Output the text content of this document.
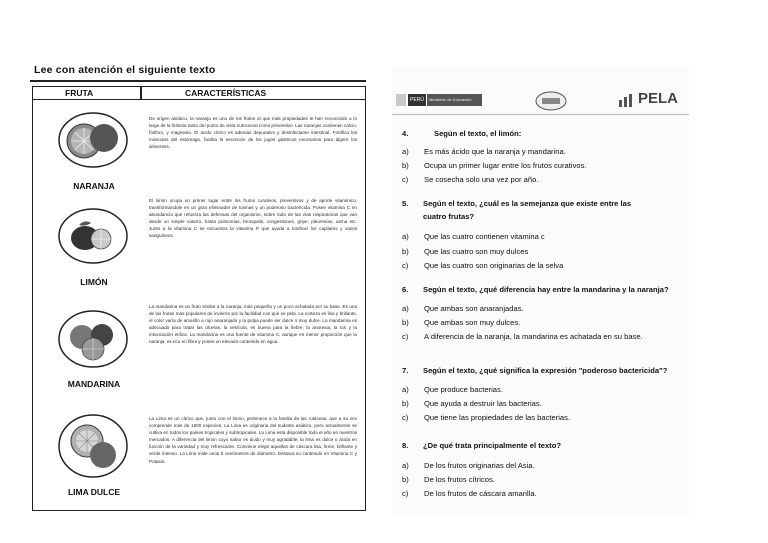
Lee con atención el siguiente texto
FRUTA	CARACTERÍSTICAS
NARANJA
De origen asiático, la naranja es uno de los frutos al que más propiedades le han reconocido a lo largo de la historia tanto del punto de vista nutricional como preventivo. Las naranjas contienen calcio, fósforo, y magnesio. El ácido cítrico es además depurativo y desinfectante intestinal. Fortifica los músculos del estómago, facilita la secreción de los jugos gástricos necesarios para digerir los alimentos.
LIMÓN
El limón ocupa un primer lugar entre los frutos curativos, preventivos y de aporte vitamínico, transformándole en un gran eliminador de toxinas y un poderoso bactericida. Posee vitamina C en abundancia que refuerza las defensas del organismo, sobre todo de las vías respiratorias que van desde un simple catarro, hasta pulmonías, bronquitis, congestiones, gripe, pleuresías, asma etc. Junto a la vitamina C se encuentra la vitamina P que ayuda a tonificar los capilares y vasos sanguíneos.
MANDARINA
La mandarina es un fruto similar a la naranja, más pequeña y un poco achatada por su base. Es una de las frutas más populares de invierno por la facilidad con que se pela. La corteza es lisa y brillante, el color varía de amarillo a rojo anaranjado y la pulpa puede ser dulce o muy dulce. La mandarina es adecuada para tratar las úlceras, la vesícula, es buena para la fiebre, la anorexia, la tos y la intoxicación etílica. La mandarina es una fuente de vitamina C, aunque en menor proporción que la naranja, es rica en fibra y posee un elevado contenido en agua.
LIMA DULCE
La Lima es un cítrico que, junto con el limón, pertenece a la familia de las rutáceas, que a su vez comprende más de 1600 especies. La Lima es originaria del sudeste asiático, pero actualmente se cultiva en todos los países tropicales y subtropicales. La Lima está disponible todo el año en nuestros mercados. A diferencia del limón cuyo sabor es ácido y muy agradable, la lima es dulce o ácida en función de la variedad y muy refrescante. Conviene elegir aquellas de cáscara lisa, firme, brillante y verde intenso. La Lima mide unos 5 centímetros de diámetro. Destaca su contenido en Vitamina C y Potasio.
PERÚ	Ministerio de Educación	PELA
4.	Según el texto, el limón:
a) Es más ácido que la naranja y mandarina.
b) Ocupa un primer lugar entre los frutos curativos.
c) Se cosecha solo una vez por año.
5.	Según el texto, ¿cuál es la semejanza que existe entre las cuatro frutas?
a) Que las cuatro contienen vitamina c
b) Que las cuatro son muy dulces
c) Que las cuatro son originarias de la selva
6.	Según el texto, ¿qué diferencia hay entre la mandarina y la naranja?
a) Que ambas son anaranjadas.
b) Que ambas son muy dulces.
c) A diferencia de la naranja, la mandarina es achatada en su base.
7.	Según el texto, ¿qué significa la expresión "poderoso bactericida"?
a) Que produce bacterias.
b) Que ayuda a destruir las bacterias.
c) Que tiene las propiedades de las bacterias.
8.	¿De qué trata principalmente el texto?
a) De los frutos originarias del Asia.
b) De los frutos cítricos.
c) De los frutos de cáscara amarilla.
